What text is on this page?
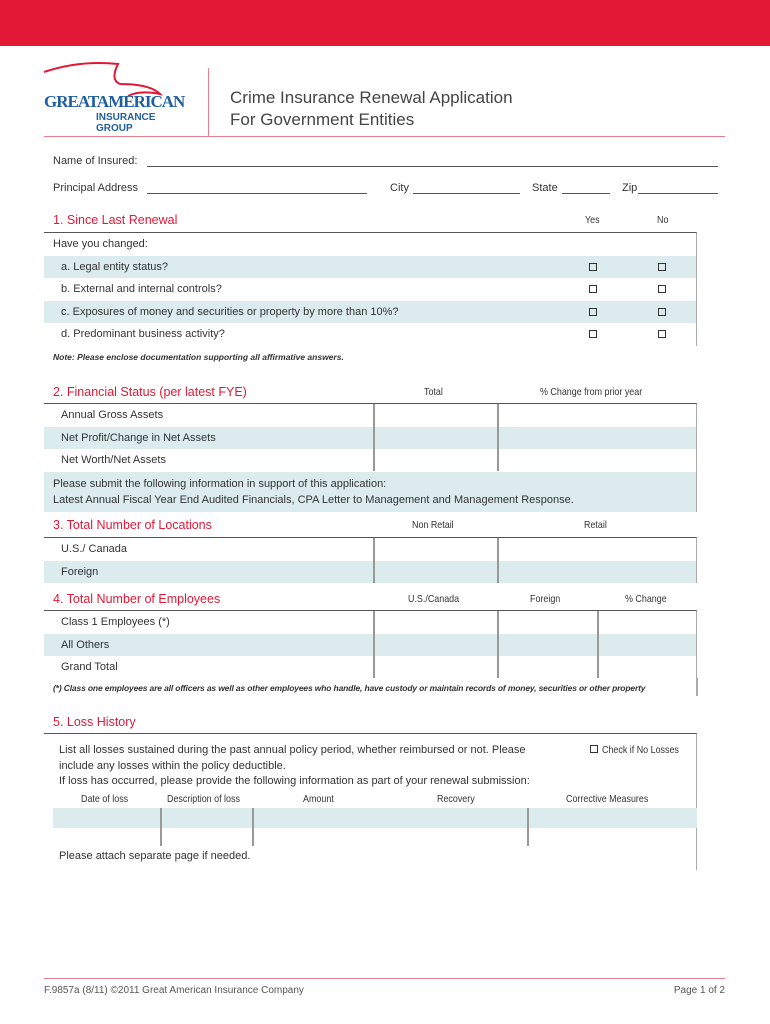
GREATAMERICAN
INSURANCE GROUP
Crime Insurance Renewal Application
For Government Entities
Name of Insured:
Principal Address	City	State	Zip
1. Since Last Renewal	Yes	No
Have you changed:
a. Legal entity status?
b. External and internal controls?
c. Exposures of money and securities or property by more than 10%?
d. Predominant business activity?
Note: Please enclose documentation supporting all affirmative answers.
2. Financial Status (per latest FYE)	Total	% Change from prior year
Annual Gross Assets
Net Profit/Change in Net Assets
Net Worth/Net Assets
Please submit the following information in support of this application:
Latest Annual Fiscal Year End Audited Financials, CPA Letter to Management and Management Response.
3. Total Number of Locations	Non Retail	Retail
U.S./ Canada
Foreign
4. Total Number of Employees	U.S./Canada	Foreign	% Change
Class 1 Employees (*)
All Others
Grand Total
(*) Class one employees are all officers as well as other employees who handle, have custody or maintain records of money, securities or other property
5. Loss History
List all losses sustained during the past annual policy period, whether reimbursed or not. Please
include any losses within the policy deductible.
If loss has occurred, please provide the following information as part of your renewal submission:
Check if No Losses
Date of loss	Description of loss	Amount	Recovery	Corrective Measures
Please attach separate page if needed.
F.9857a (8/11) ©2011 Great American Insurance Company	Page 1 of 2
